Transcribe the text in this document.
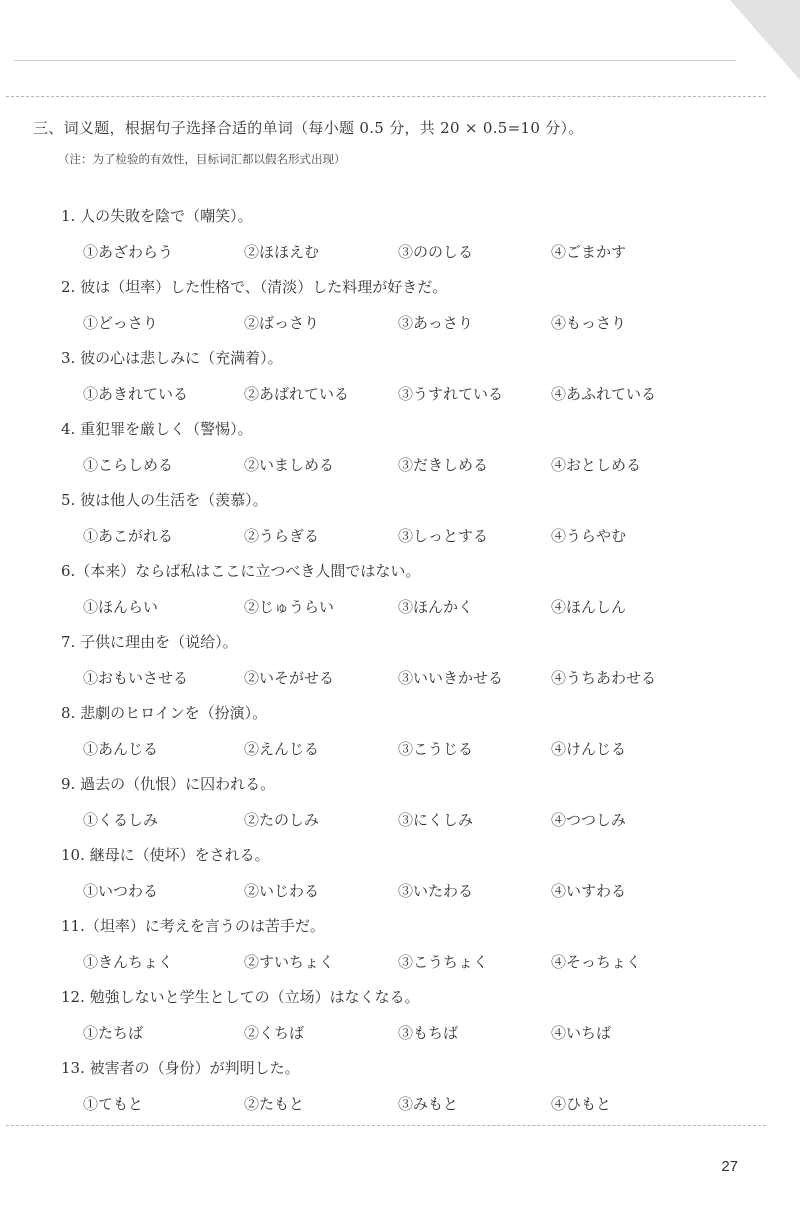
三、词义题，根据句子选择合适的单词（每小题 0.5 分，共 20 × 0.5=10 分）。
（注：为了检验的有效性，目标词汇都以假名形式出现）
1. 人の失敗を陰で（嘲笑）。
①あざわらう	②ほほえむ	③ののしる	④ごまかす
2. 彼は（坦率）した性格で、（清淡）した料理が好きだ。
①どっさり	②ばっさり	③あっさり	④もっさり
3. 彼の心は悲しみに（充满着）。
①あきれている	②あばれている	③うすれている	④あふれている
4. 重犯罪を厳しく（警惕）。
①こらしめる	②いましめる	③だきしめる	④おとしめる
5. 彼は他人の生活を（羡慕）。
①あこがれる	②うらぎる	③しっとする	④うらやむ
6.（本来）ならば私はここに立つべき人間ではない。
①ほんらい	②じゅうらい	③ほんかく	④ほんしん
7. 子供に理由を（说给）。
①おもいさせる	②いそがせる	③いいきかせる	④うちあわせる
8. 悲劇のヒロインを（扮演）。
①あんじる	②えんじる	③こうじる	④けんじる
9. 過去の（仇恨）に囚われる。
①くるしみ	②たのしみ	③にくしみ	④つつしみ
10. 継母に（使坏）をされる。
①いつわる	②いじわる	③いたわる	④いすわる
11.（坦率）に考えを言うのは苦手だ。
①きんちょく	②すいちょく	③こうちょく	④そっちょく
12. 勉強しないと学生としての（立场）はなくなる。
①たちば	②くちば	③もちば	④いちば
13. 被害者の（身份）が判明した。
①てもと	②たもと	③みもと	④ひもと
27
